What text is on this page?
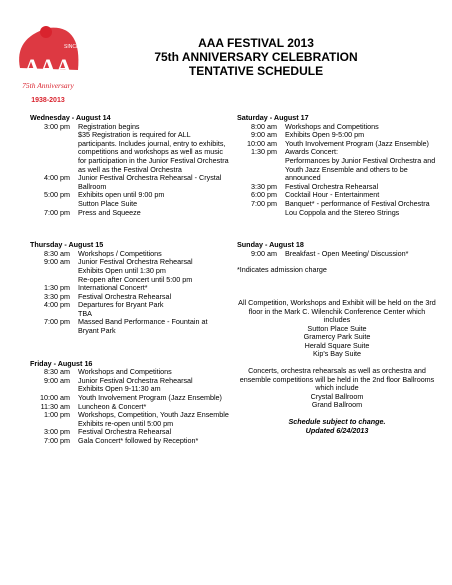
SINCE 1938
AAA
75th Anniversary
1938-2013
AAA FESTIVAL 2013
75th ANNIVERSARY CELEBRATION
TENTATIVE SCHEDULE
Wednesday - August 14
3:00 pm	Registration begins
$35 Registration is required for ALL participants. Includes journal, entry to exhibits, competitions and workshops as well as music for participation in the Junior Festival Orchestra as well as the Festival Orchestra
4:00 pm	Junior Festival Orchestra Rehearsal - Crystal Ballroom
5:00 pm	Exhibits open until 9:00 pm
Sutton Place Suite
7:00 pm	Press and Squeeze
Thursday - August 15
8:30 am	Workshops / Competitions
9:00 am	Junior Festival Orchestra Rehearsal
Exhibits Open until 1:30 pm
Re-open after Concert until 5:00 pm
1:30 pm	International Concert*
3:30 pm	Festival Orchestra Rehearsal
4:00 pm	Departures for Bryant Park
TBA
7:00 pm	Massed Band Performance - Fountain at Bryant Park
Friday - August 16
8:30 am	Workshops and Competitions
9:00 am	Junior Festival Orchestra Rehearsal
Exhibits Open 9-11:30 am
10:00 am	Youth Involvement Program (Jazz Ensemble)
11:30 am	Luncheon & Concert*
1:00 pm	Workshops, Competition, Youth Jazz Ensemble
Exhibits re-open until 5:00 pm
3:00 pm	Festival Orchestra Rehearsal
7:00 pm	Gala Concert* followed by Reception*
Saturday - August 17
8:00 am	Workshops and Competitions
9:00 am	Exhibits Open 9-5:00 pm
10:00 am	Youth Involvement Program (Jazz Ensemble)
1:30 pm	Awards Concert:
Performances by Junior Festival Orchestra and Youth Jazz Ensemble and others to be announced
3:30 pm	Festival Orchestra Rehearsal
6:00 pm	Cocktail Hour - Entertainment
7:00 pm	Banquet* - performance of Festival Orchestra
Lou Coppola and the Stereo Strings
Sunday - August 18
9:00 am	Breakfast - Open Meeting/ Discussion*
*Indicates admission charge
All Competition, Workshops and Exhibit will be held on the 3rd floor in the Mark C. Wilenchik Conference Center which includes
Sutton Place Suite
Gramercy Park Suite
Herald Square Suite
Kip's Bay Suite
Concerts, orchestra rehearsals as well as orchestra and ensemble competitions will be held in the 2nd floor Ballrooms which include
Crystal Ballroom
Grand Ballroom
Schedule subject to change.
Updated 6/24/2013
